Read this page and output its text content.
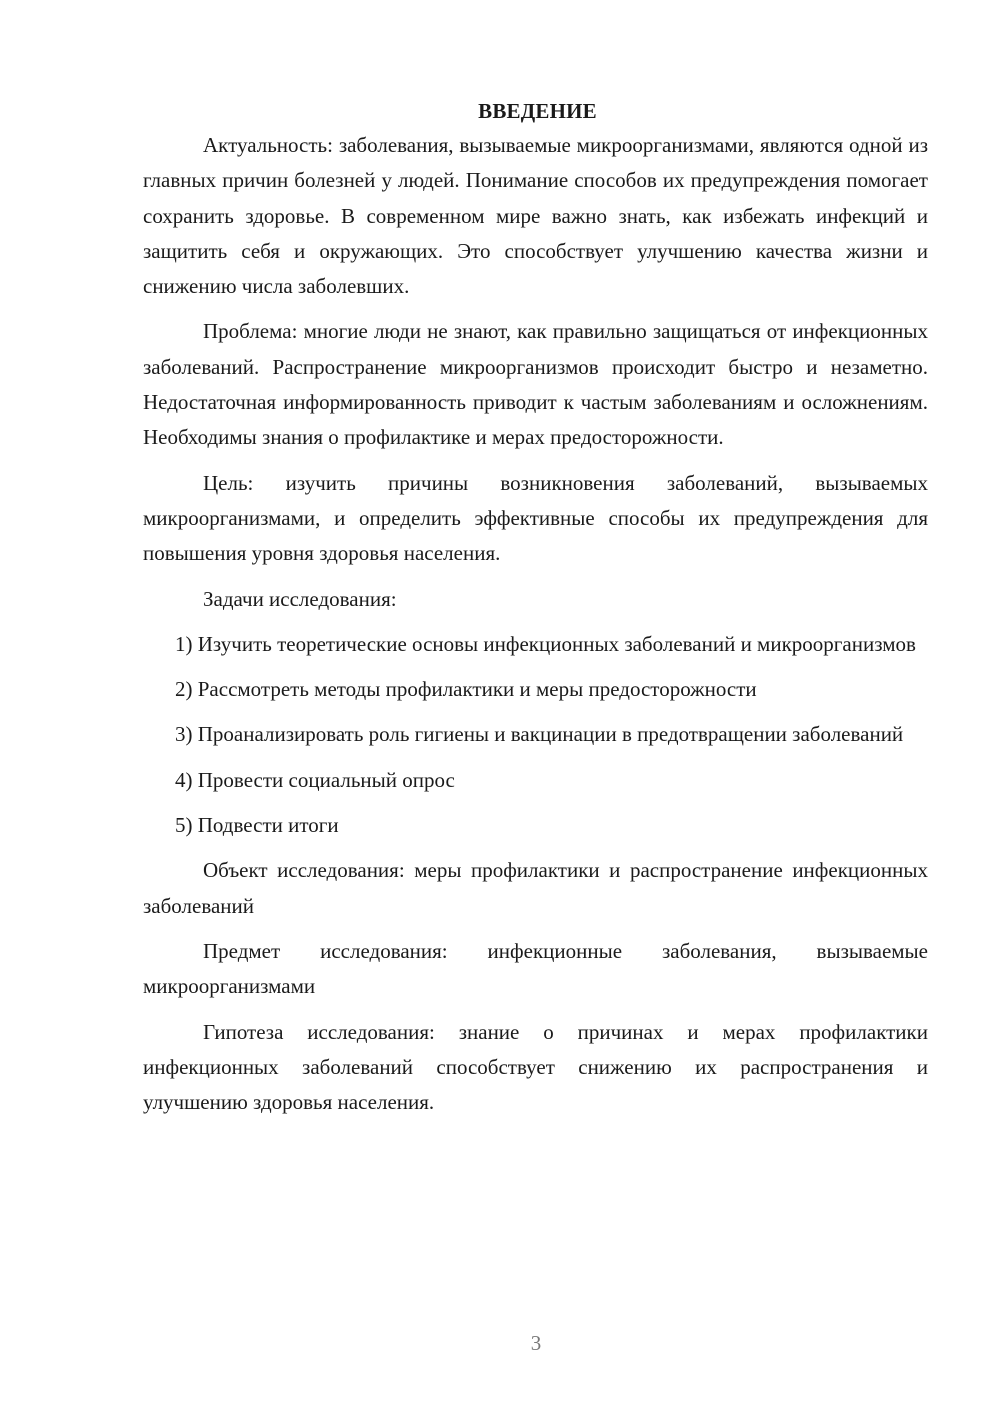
ВВЕДЕНИЕ

Актуальность: заболевания, вызываемые микроорганизмами, являются одной из главных причин болезней у людей. Понимание способов их предупреждения помогает сохранить здоровье. В современном мире важно знать, как избежать инфекций и защитить себя и окружающих. Это способствует улучшению качества жизни и снижению числа заболевших.

Проблема: многие люди не знают, как правильно защищаться от инфекционных заболеваний. Распространение микроорганизмов происходит быстро и незаметно. Недостаточная информированность приводит к частым заболеваниям и осложнениям. Необходимы знания о профилактике и мерах предосторожности.

Цель: изучить причины возникновения заболеваний, вызываемых микроорганизмами, и определить эффективные способы их предупреждения для повышения уровня здоровья населения.

Задачи исследования:

1) Изучить теоретические основы инфекционных заболеваний и микроорганизмов

2) Рассмотреть методы профилактики и меры предосторожности

3) Проанализировать роль гигиены и вакцинации в предотвращении заболеваний

4) Провести социальный опрос

5) Подвести итоги

Объект исследования: меры профилактики и распространение инфекционных заболеваний

Предмет исследования: инфекционные заболевания, вызываемые микроорганизмами

Гипотеза исследования: знание о причинах и мерах профилактики инфекционных заболеваний способствует снижению их распространения и улучшению здоровья населения.

3
